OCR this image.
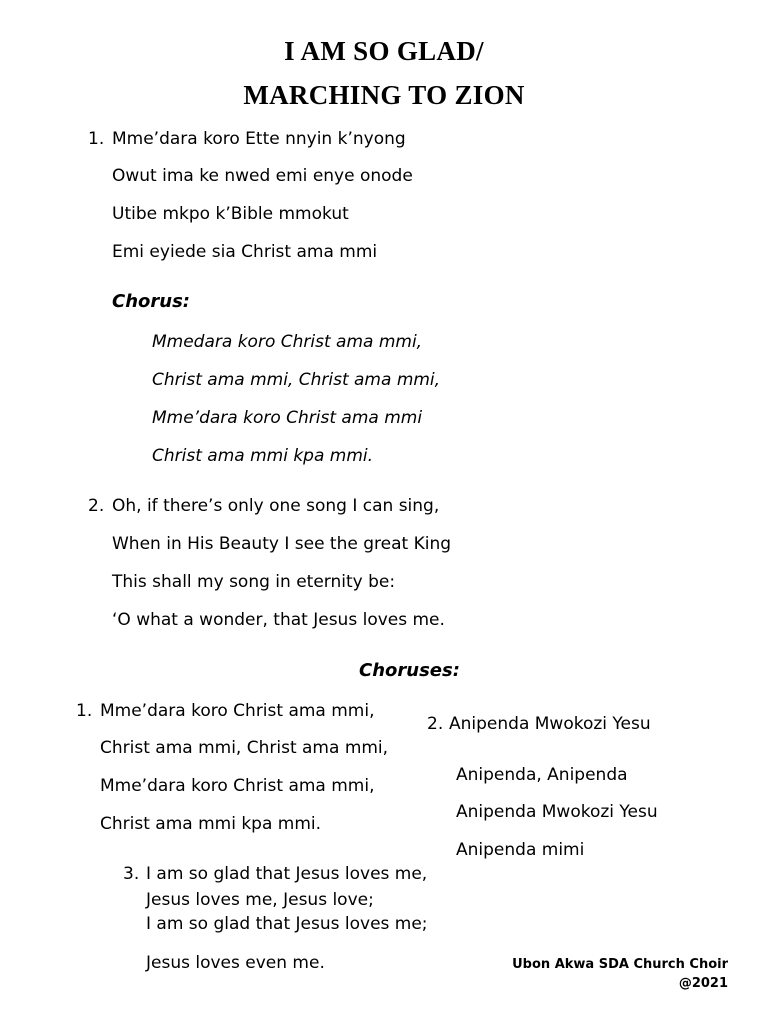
I AM SO GLAD/
MARCHING TO ZION
1. Mme’dara koro Ette nnyin k’nyong
Owut ima ke nwed emi enye onode
Utibe mkpo k’Bible mmokut
Emi eyiede sia Christ ama mmi
Chorus:
Mmedara koro Christ ama mmi,
Christ ama mmi, Christ ama mmi,
Mme’dara koro Christ ama mmi
Christ ama mmi kpa mmi.
2. Oh, if there’s only one song I can sing,
When in His Beauty I see the great King
This shall my song in eternity be:
‘O what a wonder, that Jesus loves me.
Choruses:
1. Mme’dara koro Christ ama mmi,
Christ ama mmi, Christ ama mmi,
Mme’dara koro Christ ama mmi,
Christ ama mmi kpa mmi.
2. Anipenda Mwokozi Yesu
Anipenda, Anipenda
Anipenda Mwokozi Yesu
Anipenda mimi
3. I am so glad that Jesus loves me,
Jesus loves me, Jesus love;
I am so glad that Jesus loves me;
Jesus loves even me.	Ubon Akwa SDA Church Choir
@2021
